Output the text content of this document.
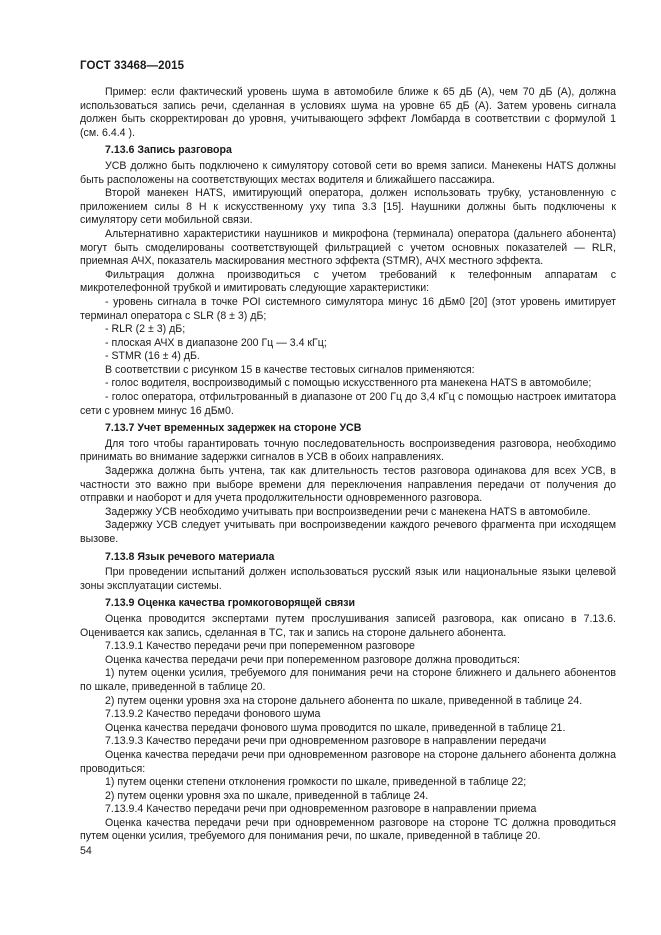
ГОСТ 33468—2015

Пример: если фактический уровень шума в автомобиле ближе к 65 дБ (А), чем 70 дБ (А), должна использоваться запись речи, сделанная в условиях шума на уровне 65 дБ (А). Затем уровень сигнала должен быть скорректирован до уровня, учитывающего эффект Ломбарда в соответствии с формулой 1 (см. 6.4.4 ).

7.13.6 Запись разговора

УСВ должно быть подключено к симулятору сотовой сети во время записи. Манекены HATS должны быть расположены на соответствующих местах водителя и ближайшего пассажира.

Второй манекен HATS, имитирующий оператора, должен использовать трубку, установленную с приложением силы 8 Н к искусственному уху типа 3.3 [15]. Наушники должны быть подключены к симулятору сети мобильной связи.

Альтернативно характеристики наушников и микрофона (терминала) оператора (дальнего абонента) могут быть смоделированы соответствующей фильтрацией с учетом основных показателей — RLR, приемная АЧХ, показатель маскирования местного эффекта (STMR), АЧХ местного эффекта.

Фильтрация должна производиться с учетом требований к телефонным аппаратам с микротелефонной трубкой и имитировать следующие характеристики:

- уровень сигнала в точке POI системного симулятора минус 16 дБм0 [20] (этот уровень имитирует терминал оператора с SLR (8 ± 3) дБ;

- RLR (2 ± 3) дБ;

- плоская АЧХ в диапазоне 200 Гц — 3.4 кГц;

- STMR (16 ± 4) дБ.

В соответствии с рисунком 15 в качестве тестовых сигналов применяются:

- голос водителя, воспроизводимый с помощью искусственного рта манекена HATS в автомобиле;

- голос оператора, отфильтрованный в диапазоне от 200 Гц до 3,4 кГц с помощью настроек имитатора сети с уровнем минус 16 дБм0.

7.13.7 Учет временных задержек на стороне УСВ

Для того чтобы гарантировать точную последовательность воспроизведения разговора, необходимо принимать во внимание задержки сигналов в УСВ в обоих направлениях.

Задержка должна быть учтена, так как длительность тестов разговора одинакова для всех УСВ, в частности это важно при выборе времени для переключения направления передачи от получения до отправки и наоборот и для учета продолжительности одновременного разговора.

Задержку УСВ необходимо учитывать при воспроизведении речи с манекена HATS в автомобиле.

Задержку УСВ следует учитывать при воспроизведении каждого речевого фрагмента при исходящем вызове.

7.13.8 Язык речевого материала

При проведении испытаний должен использоваться русский язык или национальные языки целевой зоны эксплуатации системы.

7.13.9 Оценка качества громкоговорящей связи

Оценка проводится экспертами путем прослушивания записей разговора, как описано в 7.13.6. Оценивается как запись, сделанная в ТС, так и запись на стороне дальнего абонента.

7.13.9.1 Качество передачи речи при попеременном разговоре

Оценка качества передачи речи при попеременном разговоре должна проводиться:

1) путем оценки усилия, требуемого для понимания речи на стороне ближнего и дальнего абонентов по шкале, приведенной в таблице 20.

2) путем оценки уровня эха на стороне дальнего абонента по шкале, приведенной в таблице 24.

7.13.9.2 Качество передачи фонового шума

Оценка качества передачи фонового шума проводится по шкале, приведенной в таблице 21.

7.13.9.3 Качество передачи речи при одновременном разговоре в направлении передачи

Оценка качества передачи речи при одновременном разговоре на стороне дальнего абонента должна проводиться:

1) путем оценки степени отклонения громкости по шкале, приведенной в таблице 22;

2) путем оценки уровня эха по шкале, приведенной в таблице 24.

7.13.9.4 Качество передачи речи при одновременном разговоре в направлении приема

Оценка качества передачи речи при одновременном разговоре на стороне ТС должна проводиться путем оценки усилия, требуемого для понимания речи, по шкале, приведенной в таблице 20.

54
